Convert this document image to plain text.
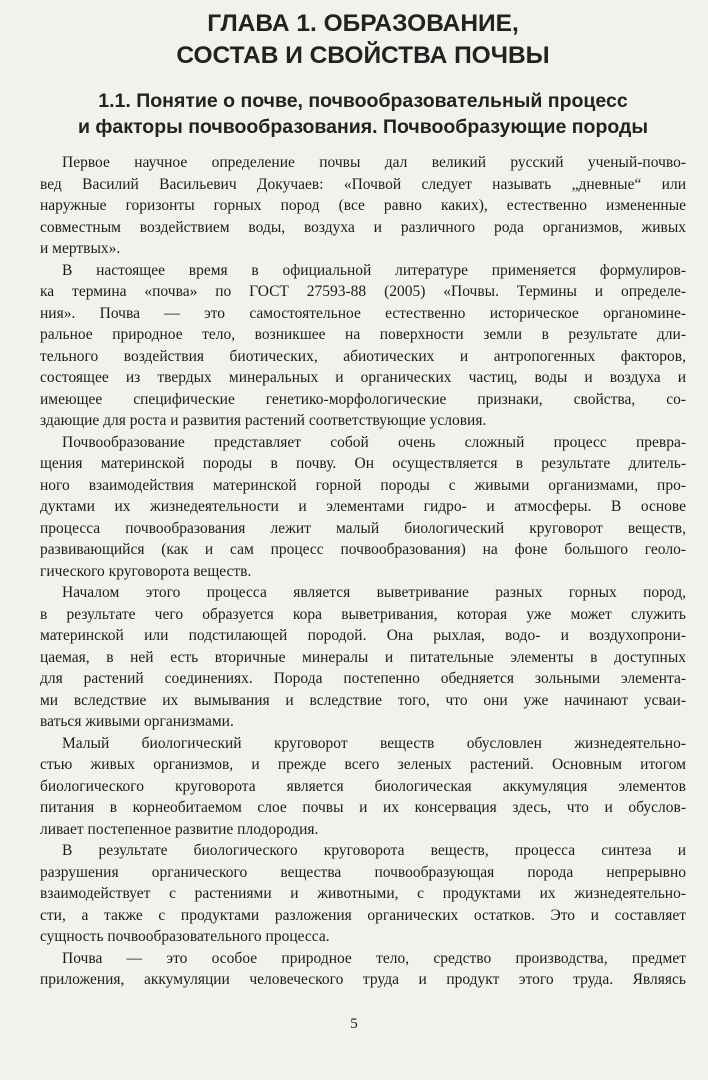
ГЛАВА 1. ОБРАЗОВАНИЕ,
СОСТАВ И СВОЙСТВА ПОЧВЫ
1.1. Понятие о почве, почвообразовательный процесс
и факторы почвообразования. Почвообразующие породы

Первое научное определение почвы дал великий русский ученый-почво-
вед Василий Васильевич Докучаев: «Почвой следует называть „дневные“ или
наружные горизонты горных пород (все равно каких), естественно измененные
совместным воздействием воды, воздуха и различного рода организмов, живых
и мертвых».

В настоящее время в официальной литературе применяется формулиров-
ка термина «почва» по ГОСТ 27593-88 (2005) «Почвы. Термины и определе-
ния». Почва — это самостоятельное естественно историческое органомине-
ральное природное тело, возникшее на поверхности земли в результате дли-
тельного воздействия биотических, абиотических и антропогенных факторов,
состоящее из твердых минеральных и органических частиц, воды и воздуха и
имеющее специфические генетико-морфологические признаки, свойства, со-
здающие для роста и развития растений соответствующие условия.

Почвообразование представляет собой очень сложный процесс превра-
щения материнской породы в почву. Он осуществляется в результате длитель-
ного взаимодействия материнской горной породы с живыми организмами, про-
дуктами их жизнедеятельности и элементами гидро- и атмосферы. В основе
процесса почвообразования лежит малый биологический круговорот веществ,
развивающийся (как и сам процесс почвообразования) на фоне большого геоло-
гического круговорота веществ.

Началом этого процесса является выветривание разных горных пород,
в результате чего образуется кора выветривания, которая уже может служить
материнской или подстилающей породой. Она рыхлая, водо- и воздухопрони-
цаемая, в ней есть вторичные минералы и питательные элементы в доступных
для растений соединениях. Порода постепенно обедняется зольными элемента-
ми вследствие их вымывания и вследствие того, что они уже начинают усваи-
ваться живыми организмами.

Малый биологический круговорот веществ обусловлен жизнедеятельно-
стью живых организмов, и прежде всего зеленых растений. Основным итогом
биологического круговорота является биологическая аккумуляция элементов
питания в корнеобитаемом слое почвы и их консервация здесь, что и обуслов-
ливает постепенное развитие плодородия.

В результате биологического круговорота веществ, процесса синтеза и
разрушения органического вещества почвообразующая порода непрерывно
взаимодействует с растениями и животными, с продуктами их жизнедеятельно-
сти, а также с продуктами разложения органических остатков. Это и составляет
сущность почвообразовательного процесса.

Почва — это особое природное тело, средство производства, предмет
приложения, аккумуляции человеческого труда и продукт этого труда. Являясь

5
